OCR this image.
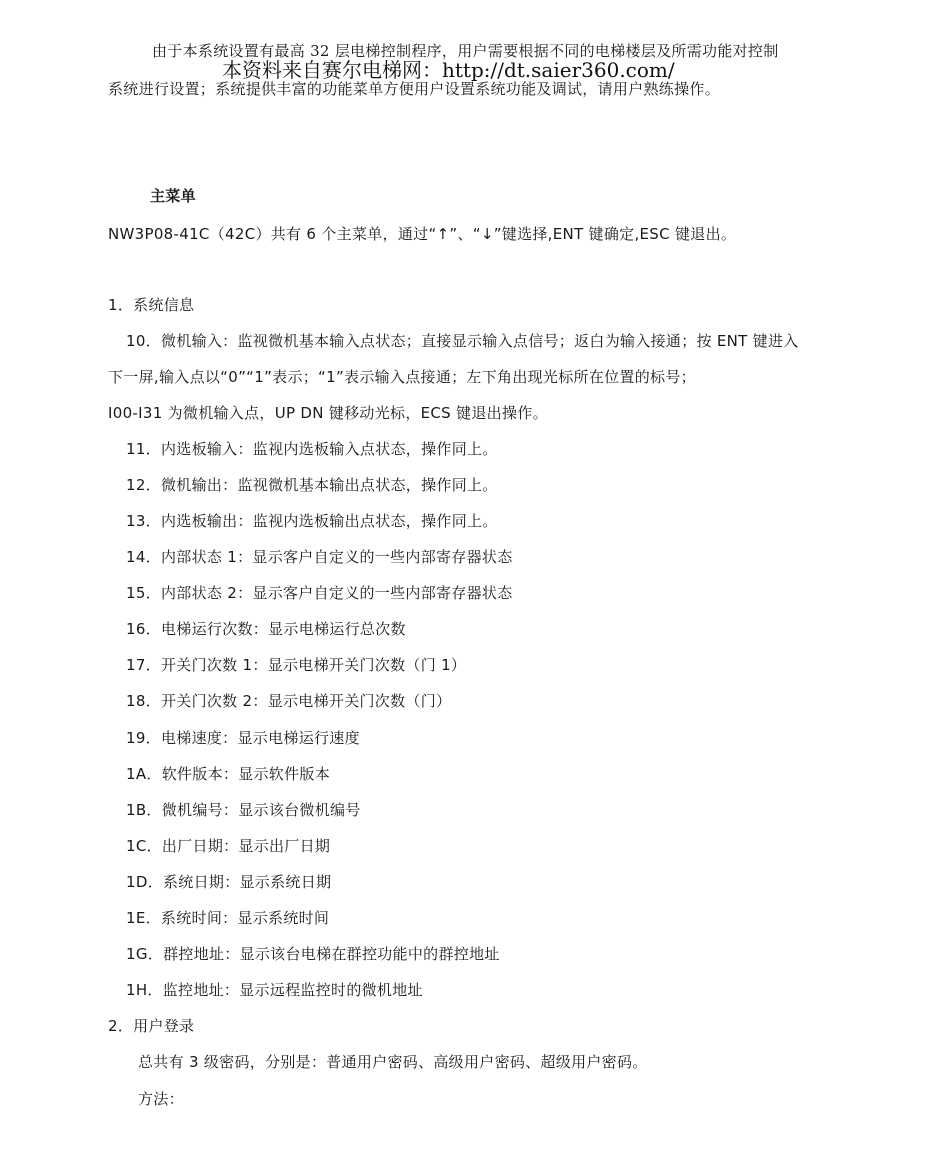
由于本系统设置有最高 32 层电梯控制程序，用户需要根据不同的电梯楼层及所需功能对控制
本资料来自赛尔电梯网：http://dt.saier360.com/
系统进行设置；系统提供丰富的功能菜单方便用户设置系统功能及调试，请用户熟练操作。
主菜单
NW3P08-41C（42C）共有 6 个主菜单，通过“↑”、“↓”键选择,ENT 键确定,ESC 键退出。
1．系统信息
10．微机输入：监视微机基本输入点状态；直接显示输入点信号；返白为输入接通；按 ENT 键进入
下一屏,输入点以“0”“1”表示；“1”表示输入点接通；左下角出现光标所在位置的标号；
I00-I31 为微机输入点，UP DN 键移动光标，ECS 键退出操作。
11．内选板输入：监视内选板输入点状态，操作同上。
12．微机输出：监视微机基本输出点状态，操作同上。
13．内选板输出：监视内选板输出点状态，操作同上。
14．内部状态 1：显示客户自定义的一些内部寄存器状态
15．内部状态 2：显示客户自定义的一些内部寄存器状态
16．电梯运行次数：显示电梯运行总次数
17．开关门次数 1：显示电梯开关门次数（门 1）
18．开关门次数 2：显示电梯开关门次数（门）
19．电梯速度：显示电梯运行速度
1A．软件版本：显示软件版本
1B．微机编号：显示该台微机编号
1C．出厂日期：显示出厂日期
1D．系统日期：显示系统日期
1E．系统时间：显示系统时间
1G．群控地址：显示该台电梯在群控功能中的群控地址
1H．监控地址：显示远程监控时的微机地址
2．用户登录
总共有 3 级密码，分别是：普通用户密码、高级用户密码、超级用户密码。
方法：
